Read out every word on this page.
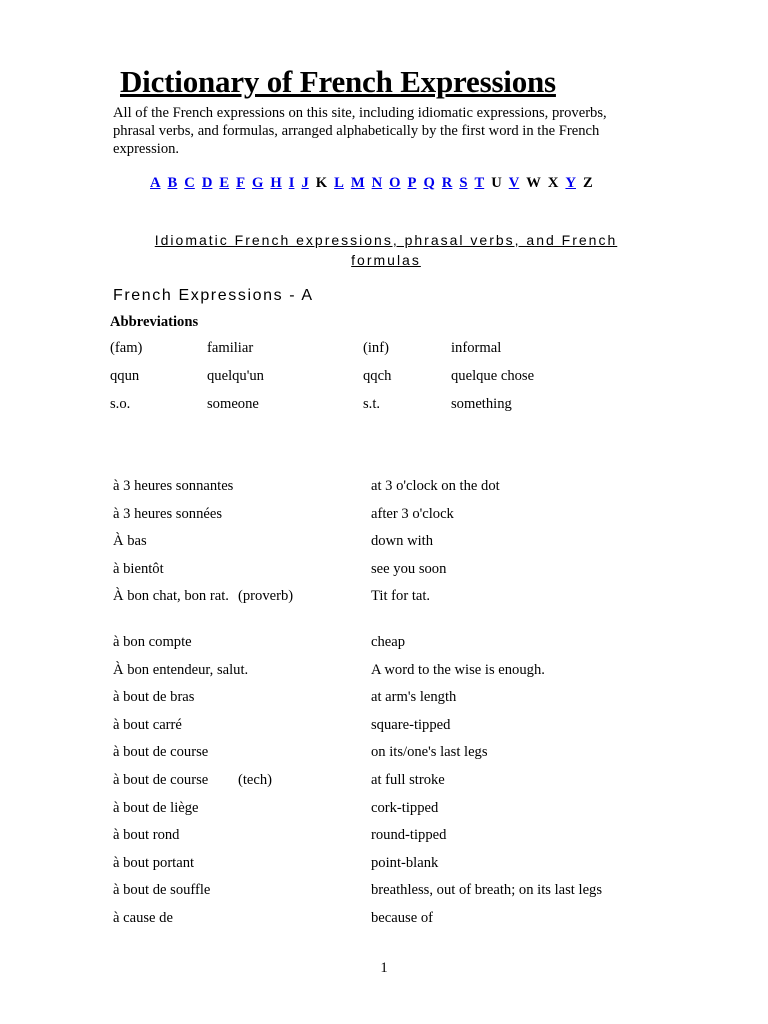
Dictionary of French Expressions

All of the French expressions on this site, including idiomatic expressions, proverbs, phrasal verbs, and formulas, arranged alphabetically by the first word in the French expression.

A B C D E F G H I J K L M N O P Q R S T U V W X Y Z

Idiomatic French expressions, phrasal verbs, and French formulas

French Expressions - A
Abbreviations
(fam)	familiar	(inf)	informal
qqun	quelqu'un	qqch	quelque chose
s.o.	someone	s.t.	something
à 3 heures sonnantes	at 3 o'clock on the dot
à 3 heures sonnées	after 3 o'clock
À bas	down with
à bientôt	see you soon
À bon chat, bon rat. (proverb)	Tit for tat.
à bon compte	cheap
À bon entendeur, salut.	A word to the wise is enough.
à bout de bras	at arm's length
à bout carré	square-tipped
à bout de course	on its/one's last legs
à bout de course	(tech)	at full stroke
à bout de liège	cork-tipped
à bout rond	round-tipped
à bout portant	point-blank
à bout de souffle	breathless, out of breath; on its last legs
à cause de	because of
1
